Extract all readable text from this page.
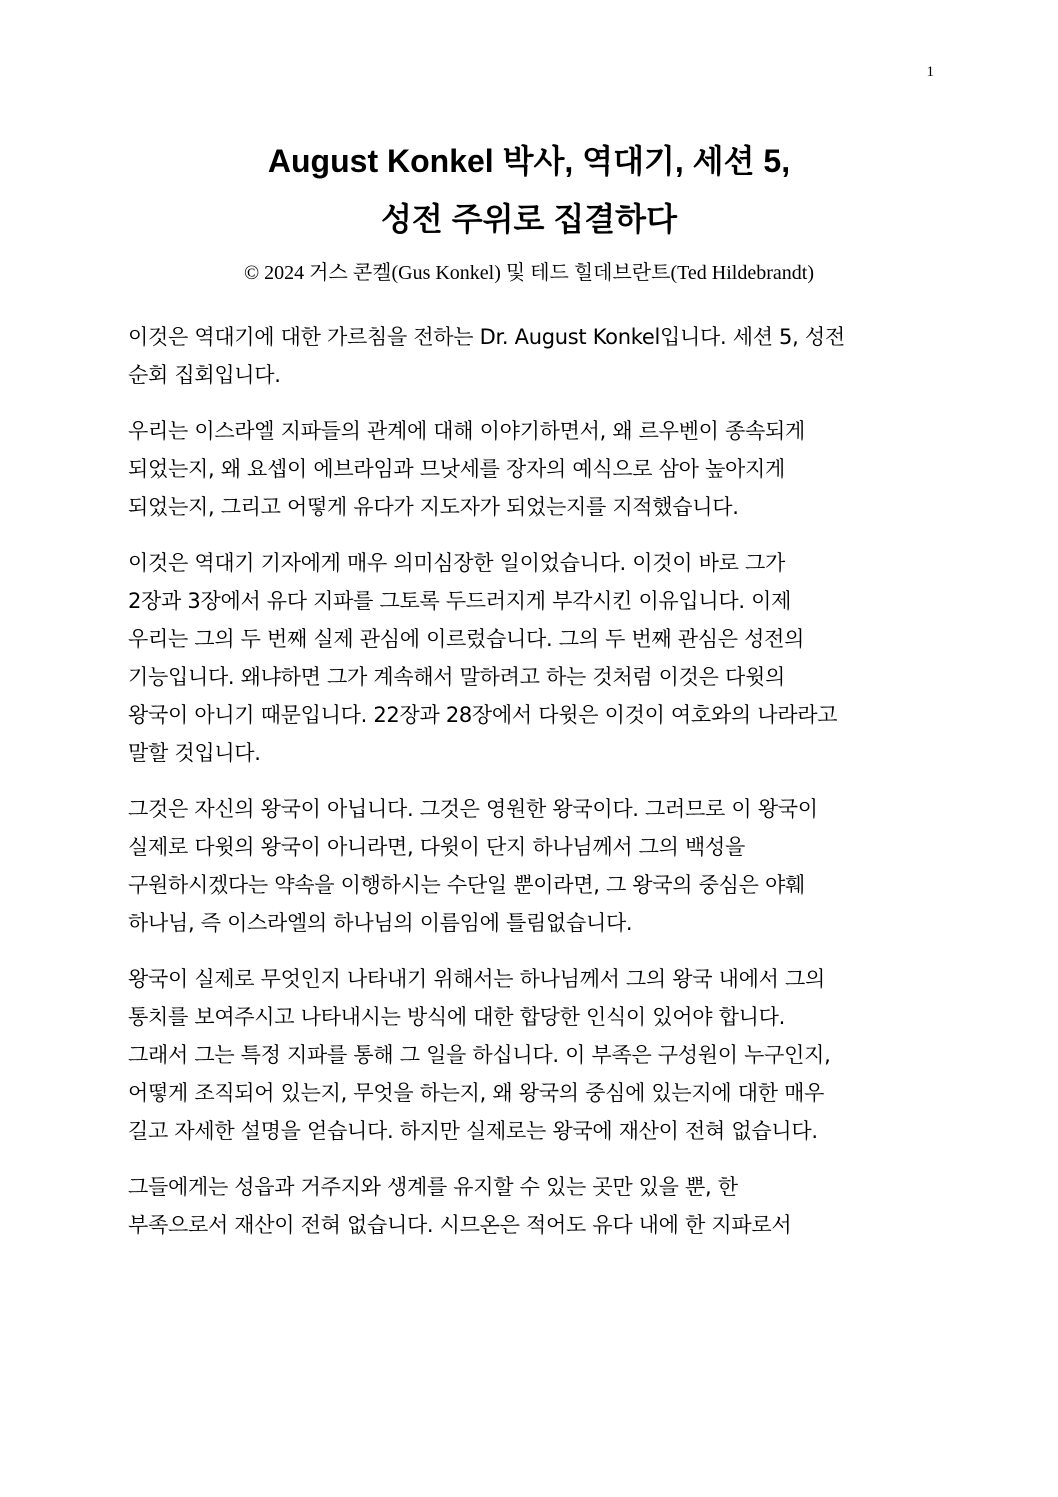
1
August Konkel 박사, 역대기, 세션 5,
성전 주위로 집결하다
© 2024 거스 콘켈(Gus Konkel) 및 테드 힐데브란트(Ted Hildebrandt)

이것은 역대기에 대한 가르침을 전하는 Dr. August Konkel입니다. 세션 5, 성전
순회 집회입니다.

우리는 이스라엘 지파들의 관계에 대해 이야기하면서, 왜 르우벤이 종속되게
되었는지, 왜 요셉이 에브라임과 므낫세를 장자의 예식으로 삼아 높아지게
되었는지, 그리고 어떻게 유다가 지도자가 되었는지를 지적했습니다.

이것은 역대기 기자에게 매우 의미심장한 일이었습니다. 이것이 바로 그가
2장과 3장에서 유다 지파를 그토록 두드러지게 부각시킨 이유입니다. 이제
우리는 그의 두 번째 실제 관심에 이르렀습니다. 그의 두 번째 관심은 성전의
기능입니다. 왜냐하면 그가 계속해서 말하려고 하는 것처럼 이것은 다윗의
왕국이 아니기 때문입니다. 22장과 28장에서 다윗은 이것이 여호와의 나라라고
말할 것입니다.

그것은 자신의 왕국이 아닙니다. 그것은 영원한 왕국이다. 그러므로 이 왕국이
실제로 다윗의 왕국이 아니라면, 다윗이 단지 하나님께서 그의 백성을
구원하시겠다는 약속을 이행하시는 수단일 뿐이라면, 그 왕국의 중심은 야훼
하나님, 즉 이스라엘의 하나님의 이름임에 틀림없습니다.

왕국이 실제로 무엇인지 나타내기 위해서는 하나님께서 그의 왕국 내에서 그의
통치를 보여주시고 나타내시는 방식에 대한 합당한 인식이 있어야 합니다.
그래서 그는 특정 지파를 통해 그 일을 하십니다. 이 부족은 구성원이 누구인지,
어떻게 조직되어 있는지, 무엇을 하는지, 왜 왕국의 중심에 있는지에 대한 매우
길고 자세한 설명을 얻습니다. 하지만 실제로는 왕국에 재산이 전혀 없습니다.

그들에게는 성읍과 거주지와 생계를 유지할 수 있는 곳만 있을 뿐, 한
부족으로서 재산이 전혀 없습니다. 시므온은 적어도 유다 내에 한 지파로서
